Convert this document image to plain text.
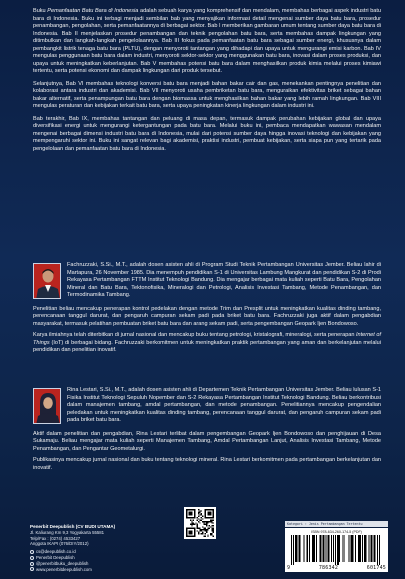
Buku Pemanfaatan Batu Bara di Indonesia adalah sebuah karya yang komprehensif dan mendalam, membahas berbagai aspek industri batu bara di Indonesia. Buku ini terbagi menjadi sembilan bab yang menyajikan informasi detail mengenai sumber daya batu bara, prosedur penambangan, pengolahan, serta pemanfaatannya di berbagai sektor. Bab I memberikan gambaran umum tentang sumber daya batu bara di Indonesia. Bab II menjelaskan prosedur penambangan dan teknik pengolahan batu bara, serta membahas dampak lingkungan yang ditimbulkan dan langkah-langkah pengelolaannya. Bab III fokus pada pemanfaatan batu bara sebagai sumber energi, khususnya dalam pembangkit listrik tenaga batu bara (PLTU), dengan menyoroti tantangan yang dihadapi dan upaya untuk mengurangi emisi karbon. Bab IV mengulas penggunaan batu bara dalam industri, menyoroti sektor-sektor yang menggunakan batu bara, inovasi dalam proses produksi, dan upaya untuk meningkatkan keberlanjutan. Bab V membahas potensi batu bara dalam menghasilkan produk kimia melalui proses kimiawi tertentu, serta potensi ekonomi dan dampak lingkungan dari produk tersebut.

Selanjutnya, Bab VI membahas teknologi konversi batu bara menjadi bahan bakar cair dan gas, menekankan pentingnya penelitian dan kolaborasi antara industri dan akademisi. Bab VII menyoroti usaha pembriketan batu bara, menguraikan efektivitas briket sebagai bahan bakar alternatif, serta penampungan batu bara dengan biomassa untuk menghasilkan bahan bakar yang lebih ramah lingkungan. Bab VIII mengulas peraturan dan kebijakan terkait batu bara, serta upaya peningkatan kinerja lingkungan dalam industri ini.

Bab terakhir, Bab IX, membahas tantangan dan peluang di masa depan, termasuk dampak perubahan kebijakan global dan upaya diversifikasi energi untuk mengurangi ketergantungan pada batu bara. Melalui buku ini, pembaca mendapatkan wawasan mendalam mengenai berbagai dimensi industri batu bara di Indonesia, mulai dari potensi sumber daya hingga inovasi teknologi dan kebijakan yang mempengaruhi sektor ini. Buku ini sangat relevan bagi akademisi, praktisi industri, pembuat kebijakan, serta siapa pun yang tertarik pada pengelolaan dan pemanfaatan batu bara di Indonesia.

Fachruzzaki, S.Si., M.T., adalah dosen asisten ahli di Program Studi Teknik Pertambangan Universitas Jember. Beliau lahir di Martapura, 26 November 1985. Dia menempuh pendidikan S-1 di Universitas Lambung Mangkurat dan pendidikan S-2 di Prodi Rekayasa Pertambangan FTTM Institut Teknologi Bandung. Dia mengajar berbagai mata kuliah seperti Batu Bara, Pengolahan Mineral dan Batu Bara, Tektonofisika, Mineralogi dan Petrologi, Analisis Investasi Tambang, Metode Penambangan, dan Termodinamika Tambang.

Penelitian beliau mencakup penerapan kontrol pedelakan dengan metode Trim dan Presplit untuk meningkatkan kualitas dinding tambang, perencanaan tanggul darurat, dan pengaruh campuran sekam padi pada briket batu bara. Fachruzzaki juga aktif dalam pengabdian masyarakat, termasuk pelatihan pembuatan briket batu bara dan arang sekam padi, serta pengembangan Geopark Ijen Bondowoso.

Karya ilmiahnya telah diterbitkan di jurnal nasional dan mencakup buku tentang petrologi, kristalografi, mineralogi, serta penerapan Internet of Things (IoT) di berbagai bidang. Fachruzzaki berkomitmen untuk meningkatkan praktik pertambangan yang aman dan berkelanjutan melalui pendidikan dan penelitian inovatif.

Rina Lestari, S.Si., M.T., adalah dosen asisten ahli di Departemen Teknik Pertambangan Universitas Jember. Beliau lulusan S-1 Fisika Institut Teknologi Sepuluh Nopember dan S-2 Rekayasa Pertambangan Institut Teknologi Bandung. Beliau berkontribusi dalam manajemen tambang, amdal pertambangan, dan metode penambangan. Penelitiannya mencakup pengendalian peledakan untuk meningkatkan kualitas dinding tambang, perencanaan tanggul darurat, dan pengaruh campuran sekam padi pada briket batu bara.

Aktif dalam penelitian dan pengabdian, Rina Lestari terlibat dalam pengembangan Geopark Ijen Bondowoso dan penghijauan di Desa Sukamaju. Beliau mengajar mata kuliah seperti Manajemen Tambang, Amdal Pertambangan Lanjut, Analisis Investasi Tambang, Metode Penambangan, dan Pengantar Geometalurgi.

Publikasinya mencakup jurnal nasional dan buku tentang teknologi mineral. Rina Lestari berkomitmen pada pertambangan berkelanjutan dan inovatif.

Penerbit Deepublish (CV BUDI UTAMA)
Jl. Kaliurang Km 9,3 Yogyakarta 55581
Telp/Fax : (0274) 4533427
Anggota IKAPI (076/DIY/2012)
cs@deepublish.co.id
Penerbit Deepublish
@penerbitbuku_deepublish
www.penerbitdeepublish.com
Kategori : Jenis Pertambangan Tertentu
ISBN 978-634-260-174-5 (PDF)
9	786342	601745
